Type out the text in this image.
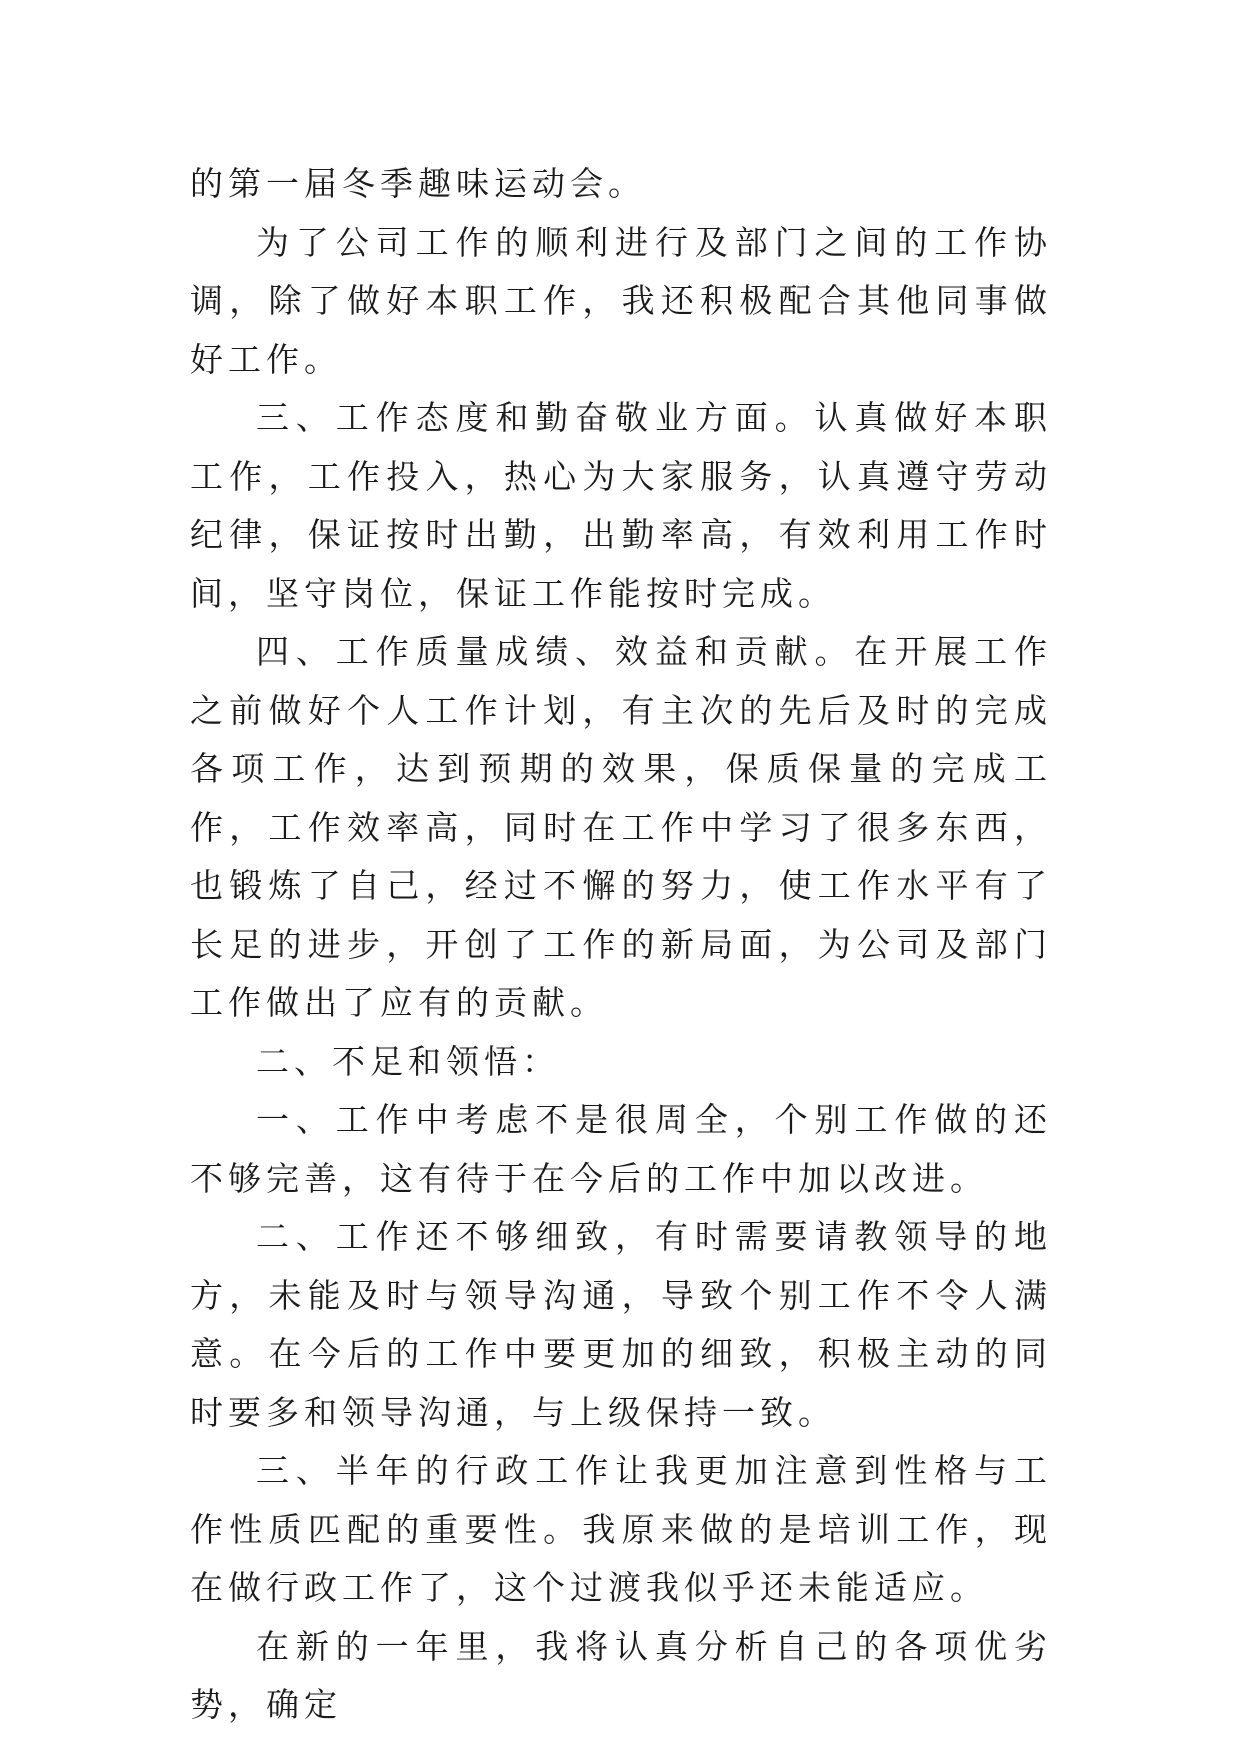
的第一届冬季趣味运动会。

为了公司工作的顺利进行及部门之间的工作协调，除了做好本职工作，我还积极配合其他同事做好工作。

三、工作态度和勤奋敬业方面。认真做好本职工作，工作投入，热心为大家服务，认真遵守劳动纪律，保证按时出勤，出勤率高，有效利用工作时间，坚守岗位，保证工作能按时完成。

四、工作质量成绩、效益和贡献。在开展工作之前做好个人工作计划，有主次的先后及时的完成各项工作，达到预期的效果，保质保量的完成工作，工作效率高，同时在工作中学习了很多东西，也锻炼了自己，经过不懈的努力，使工作水平有了长足的进步，开创了工作的新局面，为公司及部门工作做出了应有的贡献。

二、不足和领悟：

一、工作中考虑不是很周全，个别工作做的还不够完善，这有待于在今后的工作中加以改进。

二、工作还不够细致，有时需要请教领导的地方，未能及时与领导沟通，导致个别工作不令人满意。在今后的工作中要更加的细致，积极主动的同时要多和领导沟通，与上级保持一致。

三、半年的行政工作让我更加注意到性格与工作性质匹配的重要性。我原来做的是培训工作，现在做行政工作了，这个过渡我似乎还未能适应。

在新的一年里，我将认真分析自己的各项优劣势，确定
